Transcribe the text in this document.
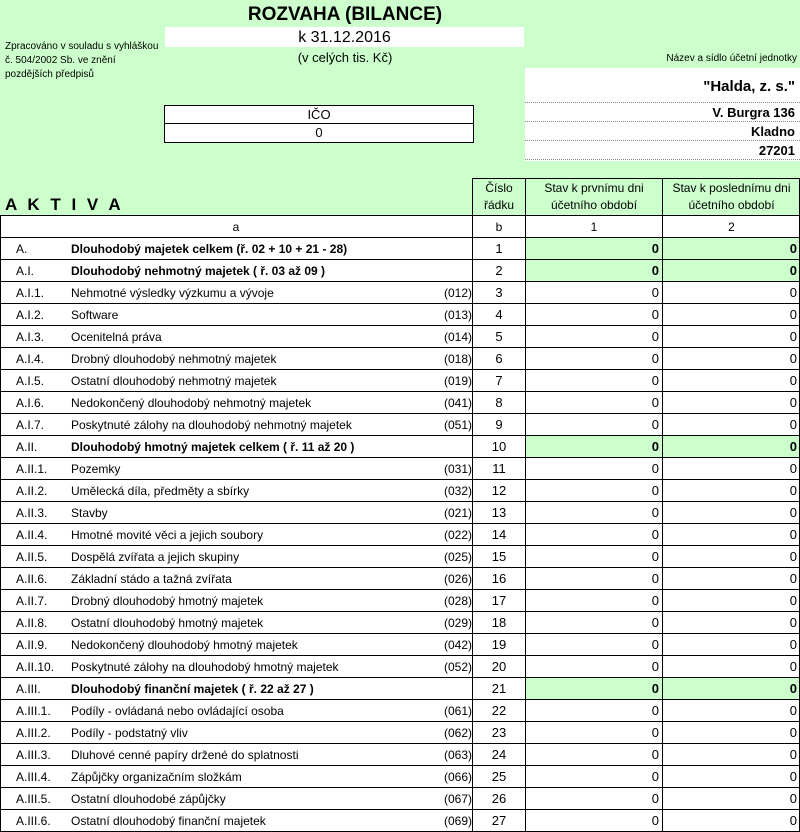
ROZVAHA (BILANCE)
k 31.12.2016
(v celých tis. Kč)
Zpracováno v souladu s vyhláškou č. 504/2002 Sb. ve znění pozdějších předpisů
IČO
0
Název a sídlo účetní jednotky
"Halda, z. s."
V. Burgra 136
Kladno
27201
A K T I V A
Číslo řádku
Stav k prvnímu dni účetního období
Stav k poslednímu dni účetního období
a	b	1	2
A.	Dlouhodobý majetek celkem (ř. 02 + 10 + 21 - 28)	1	0	0
A.I.	Dlouhodobý nehmotný majetek ( ř. 03 až 09 )	2	0	0
A.I.1.	Nehmotné výsledky výzkumu a vývoje	(012)	3	0	0
A.I.2.	Software	(013)	4	0	0
A.I.3.	Ocenitelná práva	(014)	5	0	0
A.I.4.	Drobný dlouhodobý nehmotný majetek	(018)	6	0	0
A.I.5.	Ostatní dlouhodobý nehmotný majetek	(019)	7	0	0
A.I.6.	Nedokončený dlouhodobý nehmotný majetek	(041)	8	0	0
A.I.7.	Poskytnuté zálohy na dlouhodobý nehmotný majetek	(051)	9	0	0
A.II.	Dlouhodobý hmotný majetek celkem ( ř. 11 až 20 )	10	0	0
A.II.1.	Pozemky	(031)	11	0	0
A.II.2.	Umělecká díla, předměty a sbírky	(032)	12	0	0
A.II.3.	Stavby	(021)	13	0	0
A.II.4.	Hmotné movité věci a jejich soubory	(022)	14	0	0
A.II.5.	Dospělá zvířata a jejich skupiny	(025)	15	0	0
A.II.6.	Základní stádo a tažná zvířata	(026)	16	0	0
A.II.7.	Drobný dlouhodobý hmotný majetek	(028)	17	0	0
A.II.8.	Ostatní dlouhodobý hmotný majetek	(029)	18	0	0
A.II.9.	Nedokončený dlouhodobý hmotný majetek	(042)	19	0	0
A.II.10.	Poskytnuté zálohy na dlouhodobý hmotný majetek	(052)	20	0	0
A.III.	Dlouhodobý finanční majetek ( ř. 22 až 27 )	21	0	0
A.III.1.	Podíly - ovládaná nebo ovládající osoba	(061)	22	0	0
A.III.2.	Podíly - podstatný vliv	(062)	23	0	0
A.III.3.	Dluhové cenné papíry držené do splatnosti	(063)	24	0	0
A.III.4.	Zápůjčky organizačním složkám	(066)	25	0	0
A.III.5.	Ostatní dlouhodobé zápůjčky	(067)	26	0	0
A.III.6.	Ostatní dlouhodobý finanční majetek	(069)	27	0	0
